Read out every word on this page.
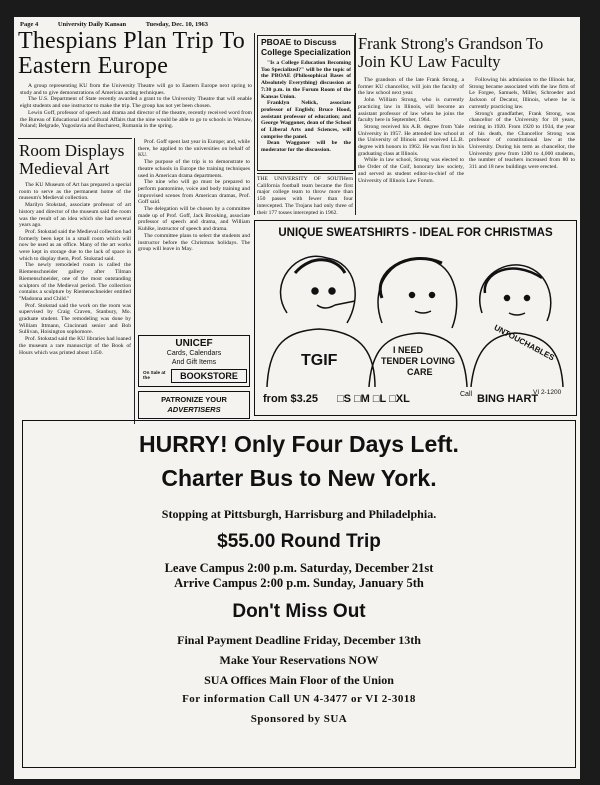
Page 4	University Daily Kansan	Tuesday, Dec. 10, 1963
Thespians Plan Trip To Eastern Europe
A group representing KU from the University Theatre will go to Eastern Europe next spring to study and to give demonstrations of American acting techniques.
The U.S. Department of State recently awarded a grant to the University Theatre that will enable eight students and one instructor to make the trip. The group has not yet been chosen.
Lewin Goff, professor of speech and drama and director of the theatre, recently received word from the Bureau of Educational and Cultural Affairs that the nine would be able to go to schools in Warsaw, Poland; Belgrade, Yugoslavia and Bucharest, Rumania in the spring.
Room Displays Medieval Art
The KU Museum of Art has prepared a special room to serve as the permanent home of the museum's Medieval collection.
Marilyn Stokstad, associate professor of art history and director of the museum said the room was the result of an idea which she had several years ago.
Prof. Stokstad said the Medieval collection had formerly been kept in a small room which will now be used as an office. Many of the art works were kept in storage due to the lack of space in which to display them, Prof. Stokstad said.
The newly remodeled room is called the Riemenschneider gallery after Tilman Riemenschneider, one of the most outstanding sculptors of the Medieval period. The collection contains a sculpture by Riemenschneider entitled "Madonna and Child."
Prof. Stokstad said the work on the room was supervised by Craig Craven, Stanbury, Mo. graduate student. The remodeling was done by William Ittmann, Cincinnati senior and Bob Sullivan, Hoisington sophomore.
Prof. Stokstad said the KU libraries had loaned the museum a rare manuscript of the Book of Hours which was printed about 1450.
Prof. Goff spent last year in Europe; and, while there, he applied to the universities on behalf of KU.
The purpose of the trip is to demonstrate to theatre schools in Europe the training techniques used in American drama departments.
The nine who will go must be prepared to perform pantomime, voice and body training and improvised scenes from American dramas, Prof. Goff said.
The delegation will be chosen by a committee made up of Prof. Goff, Jack Brooking, associate professor of speech and drama, and William Kuhlke, instructor of speech and drama.
The committee plans to select the students and instructor before the Christmas holidays. The group will leave in May.
UNICEF
Cards, Calendars
And Gift Items
On Sale at the	BOOKSTORE
PATRONIZE YOUR
ADVERTISERS
PBOAE to Discuss College Specialization
"Is a College Education Becoming Too Specialized?" will be the topic of the PBOAE (Philosophical Bases of Absolutely Everything) discussion at 7:30 p.m. in the Forum Room of the Kansas Union.
Franklyn Nelick, associate professor of English; Bruce Hood, assistant professor of education; and George Waggoner, dean of the School of Liberal Arts and Sciences, will comprise the panel.
Dean Waggoner will be the moderator for the discussion.
THE UNIVERSITY OF SOUTHern California football team became the first major college team to throw more than 150 passes with fewer than four intercepted. The Trojans had only three of their 177 tosses intercepted in 1962.
Frank Strong's Grandson To Join KU Law Faculty
The grandson of the late Frank Strong, a former KU chancellor, will join the faculty of the law school next year.
John William Strong, who is currently practicing law in Illinois, will become an assistant professor of law when he joins the faculty here in September, 1964.
Strong received his A.B. degree from Yale University in 1957. He attended law school at the University of Illinois and received LL.B. degree with honors in 1962. He was first in his graduating class at Illinois.
While in law school, Strong was elected to the Order of the Coif, honorary law society, and served as student editor-in-chief of the University of Illinois Law Forum.
Following his admission to the Illinois bar, Strong became associated with the law firm of Le Forgee, Samuels, Miller, Schroeder and Jackson of Decatur, Illinois, where he is currently practicing law.
Strong's grandfather, Frank Strong, was chancellor of the University for 18 years, retiring in 1920. From 1920 to 1934, the year of his death, the Chancellor Strong was professor of constitutional law at the University. During his term as chancellor, the University grew from 1200 to 4,000 students, the number of teachers increased from 80 to 311 and 18 new buildings were erected.
UNIQUE SWEATSHIRTS - IDEAL FOR CHRISTMAS
TGIF
I NEED TENDER LOVING CARE
UNTOUCHABLES
from $3.25 □S □M □L □XL	Call BING HART
VI 2-1200
HURRY! Only Four Days Left.
Charter Bus to New York.
Stopping at Pittsburgh, Harrisburg and Philadelphia.
$55.00 Round Trip
Leave Campus 2:00 p.m. Saturday, December 21st
Arrive Campus 2:00 p.m. Sunday, January 5th
Don't Miss Out
Final Payment Deadline Friday, December 13th
Make Your Reservations NOW
SUA Offices Main Floor of the Union
For information Call UN 4-3477 or VI 2-3018
Sponsored by SUA
